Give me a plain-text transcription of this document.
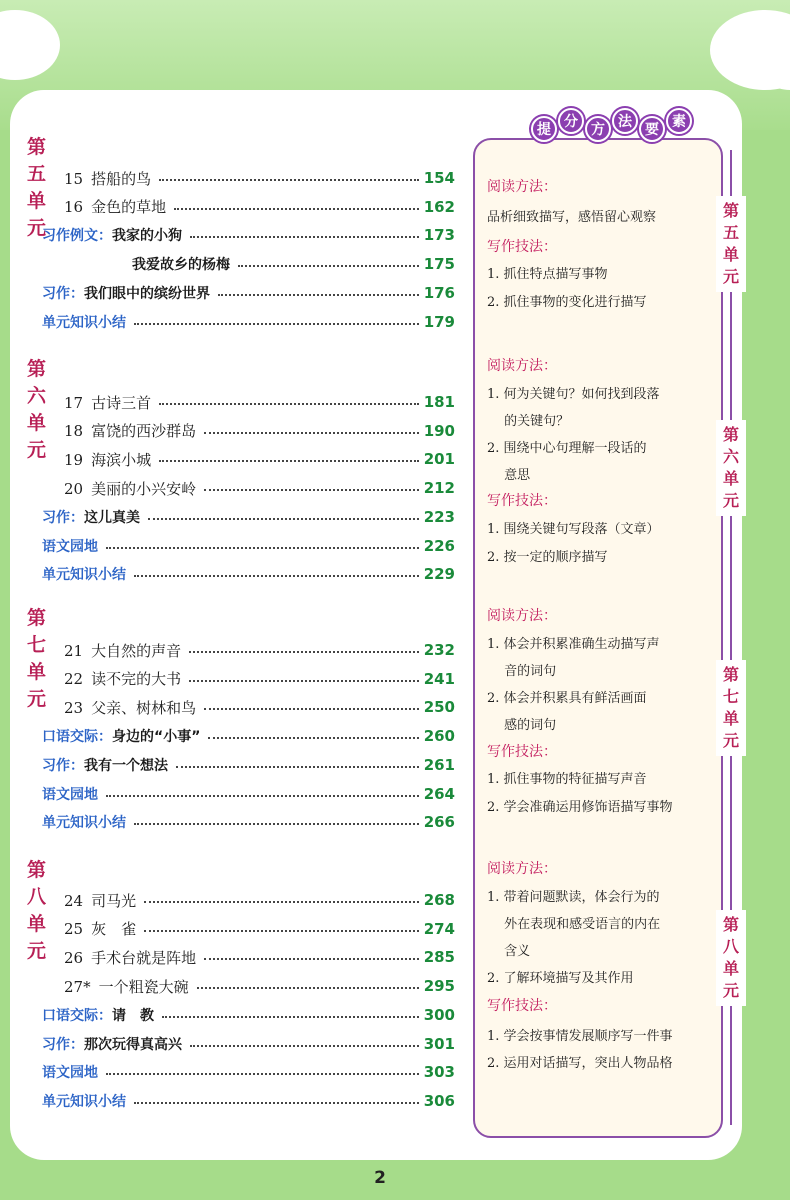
第五单元
15 搭船的鸟	154
16 金色的草地	162
习作例文：我家的小狗	173
我爱故乡的杨梅	175
习作：我们眼中的缤纷世界	176
单元知识小结	179
第六单元
17 古诗三首	181
18 富饶的西沙群岛	190
19 海滨小城	201
20 美丽的小兴安岭	212
习作：这儿真美	223
语文园地	226
单元知识小结	229
第七单元
21 大自然的声音	232
22 读不完的大书	241
23 父亲、树林和鸟	250
口语交际：身边的“小事”	260
习作：我有一个想法	261
语文园地	264
单元知识小结	266
第八单元
24 司马光	268
25 灰　雀	274
26 手术台就是阵地	285
27* 一个粗瓷大碗	295
口语交际：请　教	300
习作：那次玩得真高兴	301
语文园地	303
单元知识小结	306
提 分 方 法 要 素
阅读方法：
品析细致描写，感悟留心观察
写作技法：
1. 抓住特点描写事物
2. 抓住事物的变化进行描写
阅读方法：
1. 何为关键句？如何找到段落
　 的关键句？
2. 围绕中心句理解一段话的
　 意思
写作技法：
1. 围绕关键句写段落（文章）
2. 按一定的顺序描写
阅读方法：
1. 体会并积累准确生动描写声
　 音的词句
2. 体会并积累具有鲜活画面
　 感的词句
写作技法：
1. 抓住事物的特征描写声音
2. 学会准确运用修饰语描写事物
阅读方法：
1. 带着问题默读，体会行为的
　 外在表现和感受语言的内在
　 含义
2. 了解环境描写及其作用
写作技法：
1. 学会按事情发展顺序写一件事
2. 运用对话描写，突出人物品格
第五单元
第六单元
第七单元
第八单元
2
